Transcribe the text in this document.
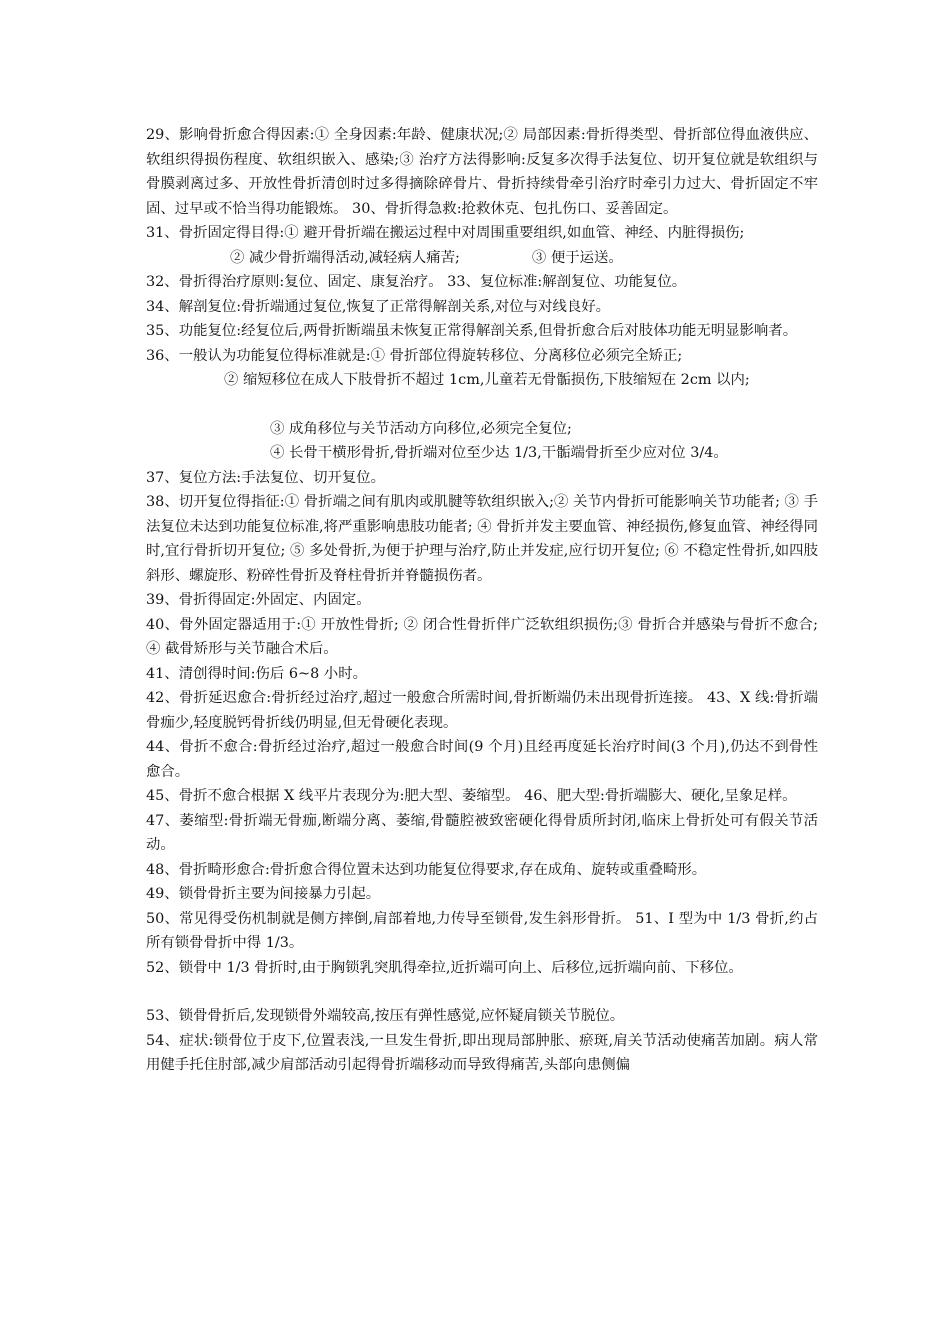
29、影响骨折愈合得因素:① 全身因素:年龄、健康状况;② 局部因素:骨折得类型、骨折部位得血液供应、软组织得损伤程度、软组织嵌入、感染;③ 治疗方法得影响:反复多次得手法复位、切开复位就是软组织与骨膜剥离过多、开放性骨折清创时过多得摘除碎骨片、骨折持续骨牵引治疗时牵引力过大、骨折固定不牢固、过早或不恰当得功能锻炼。 30、骨折得急救:抢救休克、包扎伤口、妥善固定。

31、骨折固定得目得:① 避开骨折端在搬运过程中对周围重要组织,如血管、神经、内脏得损伤;

② 减少骨折端得活动,减轻病人痛苦;	③ 便于运送。

32、骨折得治疗原则:复位、固定、康复治疗。 33、复位标准:解剖复位、功能复位。

34、解剖复位:骨折端通过复位,恢复了正常得解剖关系,对位与对线良好。

35、功能复位:经复位后,两骨折断端虽未恢复正常得解剖关系,但骨折愈合后对肢体功能无明显影响者。

36、一般认为功能复位得标准就是:① 骨折部位得旋转移位、分离移位必须完全矫正;

② 缩短移位在成人下肢骨折不超过 1cm,儿童若无骨骺损伤,下肢缩短在 2cm 以内;

③ 成角移位与关节活动方向移位,必须完全复位;

④ 长骨干横形骨折,骨折端对位至少达 1/3,干骺端骨折至少应对位 3/4。

37、复位方法:手法复位、切开复位。

38、切开复位得指征:① 骨折端之间有肌肉或肌腱等软组织嵌入;② 关节内骨折可能影响关节功能者; ③ 手法复位未达到功能复位标准,将严重影响患肢功能者; ④ 骨折并发主要血管、神经损伤,修复血管、神经得同时,宜行骨折切开复位; ⑤ 多处骨折,为便于护理与治疗,防止并发症,应行切开复位; ⑥ 不稳定性骨折,如四肢斜形、螺旋形、粉碎性骨折及脊柱骨折并脊髓损伤者。

39、骨折得固定:外固定、内固定。

40、骨外固定器适用于:① 开放性骨折; ② 闭合性骨折伴广泛软组织损伤;③ 骨折合并感染与骨折不愈合; ④ 截骨矫形与关节融合术后。

41、清创得时间:伤后 6~8 小时。

42、骨折延迟愈合:骨折经过治疗,超过一般愈合所需时间,骨折断端仍未出现骨折连接。 43、X 线:骨折端骨痂少,轻度脱钙骨折线仍明显,但无骨硬化表现。

44、骨折不愈合:骨折经过治疗,超过一般愈合时间(9 个月)且经再度延长治疗时间(3 个月),仍达不到骨性愈合。

45、骨折不愈合根据 X 线平片表现分为:肥大型、萎缩型。 46、肥大型:骨折端膨大、硬化,呈象足样。

47、萎缩型:骨折端无骨痂,断端分离、萎缩,骨髓腔被致密硬化得骨质所封闭,临床上骨折处可有假关节活动。

48、骨折畸形愈合:骨折愈合得位置未达到功能复位得要求,存在成角、旋转或重叠畸形。

49、锁骨骨折主要为间接暴力引起。

50、常见得受伤机制就是侧方摔倒,肩部着地,力传导至锁骨,发生斜形骨折。 51、I 型为中 1/3 骨折,约占所有锁骨骨折中得 1/3。

52、锁骨中 1/3 骨折时,由于胸锁乳突肌得牵拉,近折端可向上、后移位,远折端向前、下移位。

53、锁骨骨折后,发现锁骨外端较高,按压有弹性感觉,应怀疑肩锁关节脱位。

54、症状:锁骨位于皮下,位置表浅,一旦发生骨折,即出现局部肿胀、瘀斑,肩关节活动使痛苦加剧。病人常用健手托住肘部,减少肩部活动引起得骨折端移动而导致得痛苦,头部向患侧偏
